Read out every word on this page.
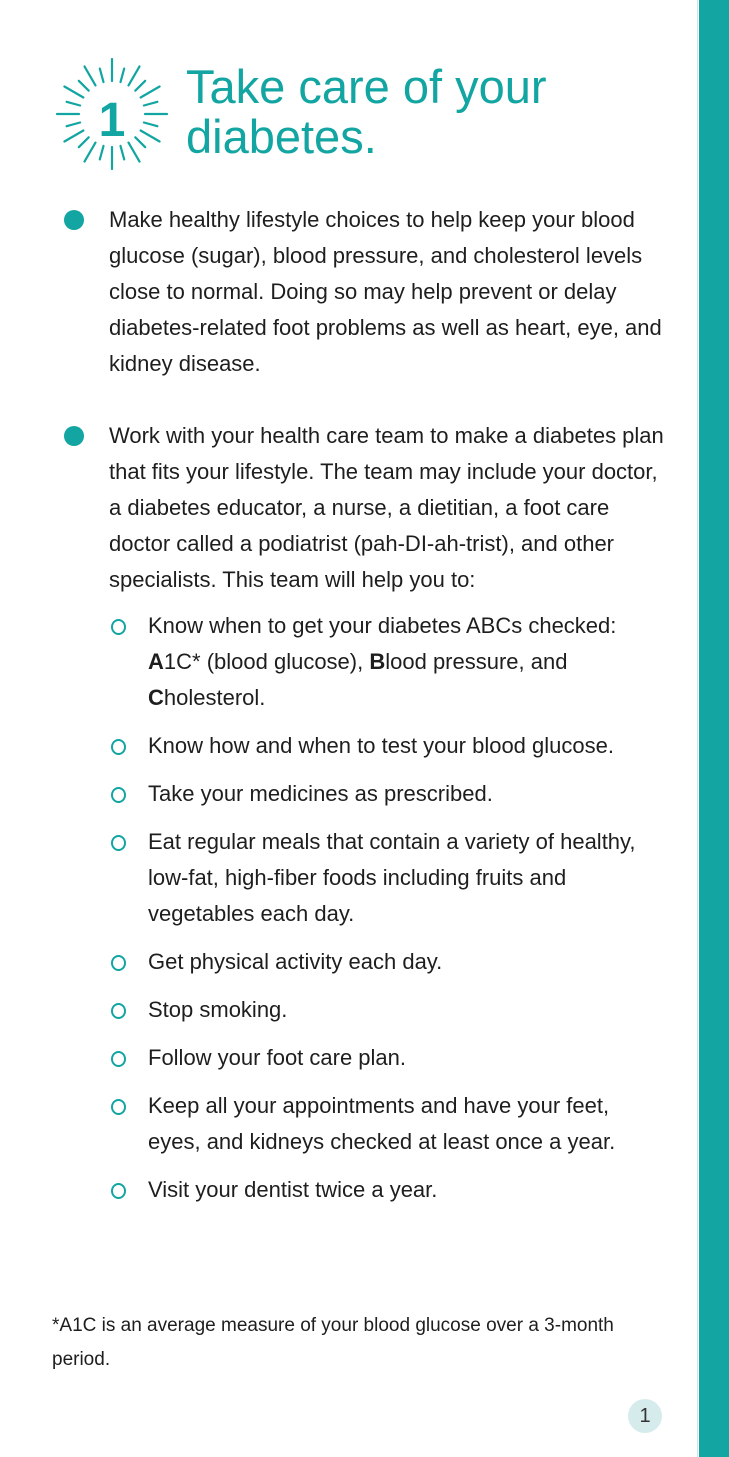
1
Take care of your diabetes.
Make healthy lifestyle choices to help keep your blood glucose (sugar), blood pressure, and cholesterol levels close to normal. Doing so may help prevent or delay diabetes-related foot problems as well as heart, eye, and kidney disease.
Work with your health care team to make a diabetes plan that fits your lifestyle. The team may include your doctor, a diabetes educator, a nurse, a dietitian, a foot care doctor called a podiatrist (pah-DI-ah-trist), and other specialists. This team will help you to:
Know when to get your diabetes ABCs checked: A1C* (blood glucose), Blood pressure, and Cholesterol.
Know how and when to test your blood glucose.
Take your medicines as prescribed.
Eat regular meals that contain a variety of healthy, low-fat, high-fiber foods including fruits and vegetables each day.
Get physical activity each day.
Stop smoking.
Follow your foot care plan.
Keep all your appointments and have your feet, eyes, and kidneys checked at least once a year.
Visit your dentist twice a year.

*A1C is an average measure of your blood glucose over a 3-month period.

1
